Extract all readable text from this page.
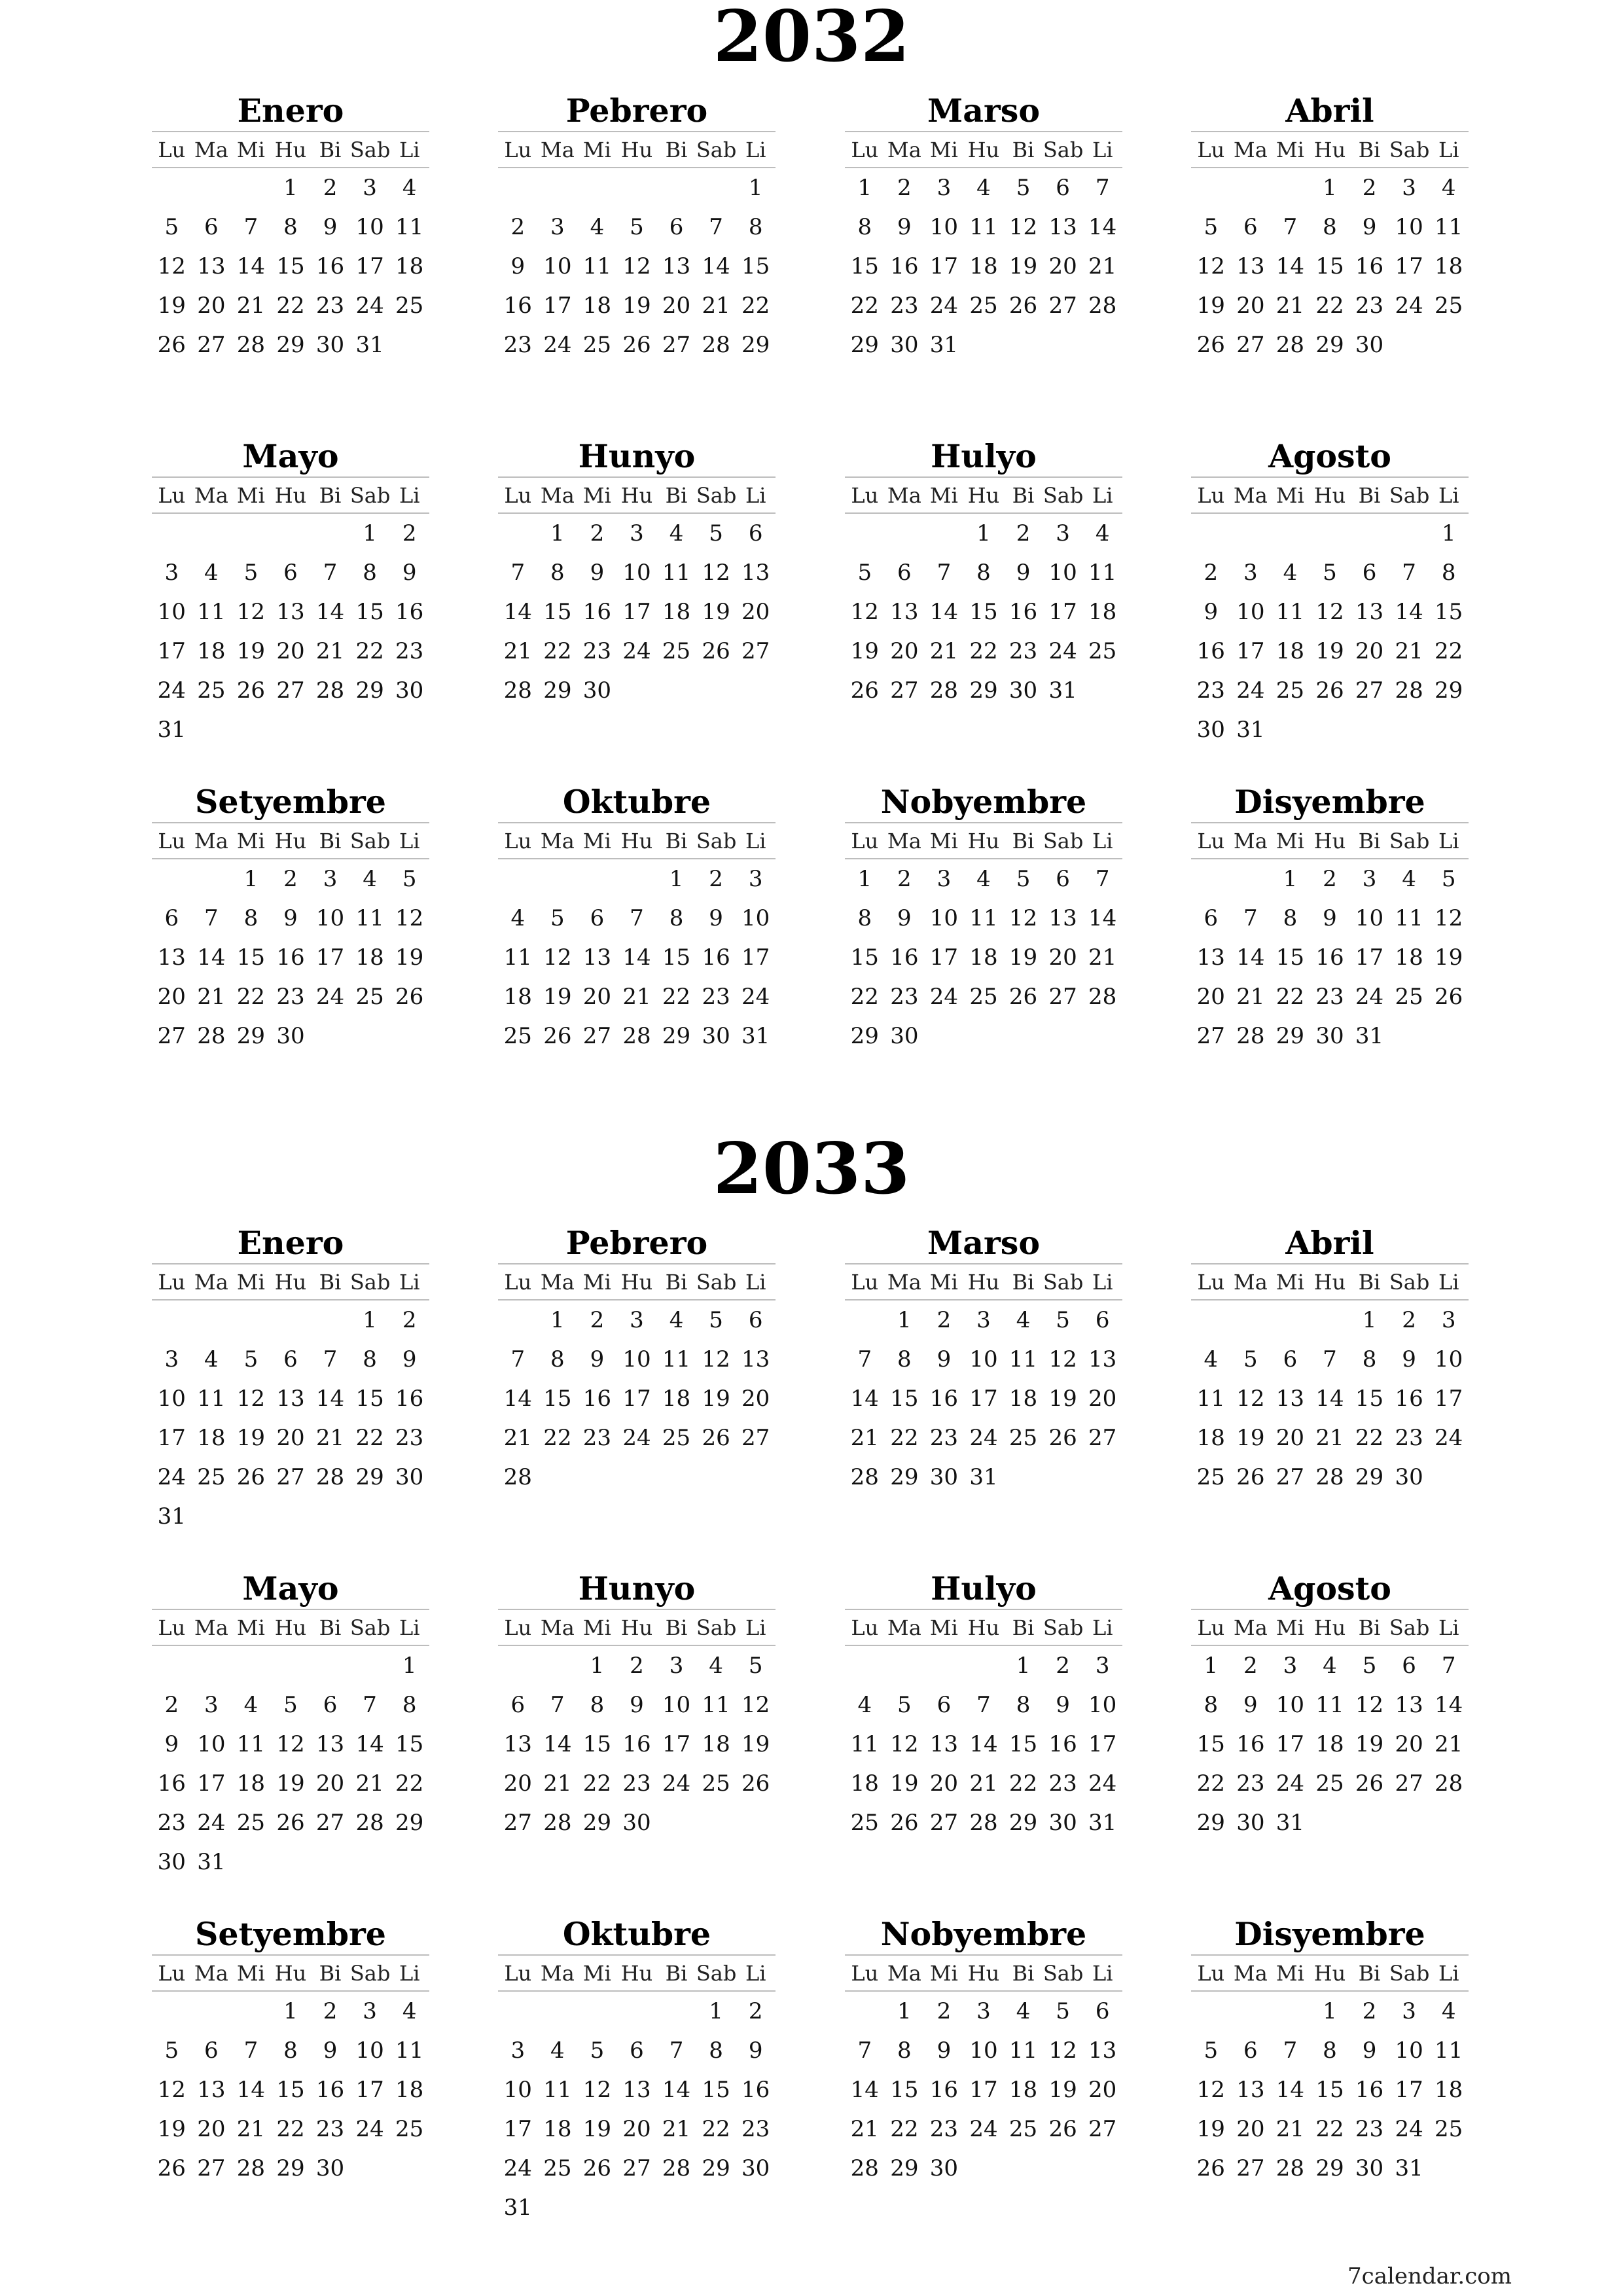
2032
Enero
Lu	Ma	Mi	Hu	Bi	Sab	Li
			1	2	3	4
5	6	7	8	9	10	11
12	13	14	15	16	17	18
19	20	21	22	23	24	25
26	27	28	29	30	31	
Pebrero
Lu	Ma	Mi	Hu	Bi	Sab	Li
						1
2	3	4	5	6	7	8
9	10	11	12	13	14	15
16	17	18	19	20	21	22
23	24	25	26	27	28	29
Marso
Lu	Ma	Mi	Hu	Bi	Sab	Li
1	2	3	4	5	6	7
8	9	10	11	12	13	14
15	16	17	18	19	20	21
22	23	24	25	26	27	28
29	30	31				
Abril
Lu	Ma	Mi	Hu	Bi	Sab	Li
			1	2	3	4
5	6	7	8	9	10	11
12	13	14	15	16	17	18
19	20	21	22	23	24	25
26	27	28	29	30		
Mayo
Lu	Ma	Mi	Hu	Bi	Sab	Li
					1	2
3	4	5	6	7	8	9
10	11	12	13	14	15	16
17	18	19	20	21	22	23
24	25	26	27	28	29	30
31						
Hunyo
Lu	Ma	Mi	Hu	Bi	Sab	Li
	1	2	3	4	5	6
7	8	9	10	11	12	13
14	15	16	17	18	19	20
21	22	23	24	25	26	27
28	29	30				
Hulyo
Lu	Ma	Mi	Hu	Bi	Sab	Li
			1	2	3	4
5	6	7	8	9	10	11
12	13	14	15	16	17	18
19	20	21	22	23	24	25
26	27	28	29	30	31	
Agosto
Lu	Ma	Mi	Hu	Bi	Sab	Li
						1
2	3	4	5	6	7	8
9	10	11	12	13	14	15
16	17	18	19	20	21	22
23	24	25	26	27	28	29
30	31					
Setyembre
Lu	Ma	Mi	Hu	Bi	Sab	Li
		1	2	3	4	5
6	7	8	9	10	11	12
13	14	15	16	17	18	19
20	21	22	23	24	25	26
27	28	29	30			
Oktubre
Lu	Ma	Mi	Hu	Bi	Sab	Li
				1	2	3
4	5	6	7	8	9	10
11	12	13	14	15	16	17
18	19	20	21	22	23	24
25	26	27	28	29	30	31
Nobyembre
Lu	Ma	Mi	Hu	Bi	Sab	Li
1	2	3	4	5	6	7
8	9	10	11	12	13	14
15	16	17	18	19	20	21
22	23	24	25	26	27	28
29	30					
Disyembre
Lu	Ma	Mi	Hu	Bi	Sab	Li
		1	2	3	4	5
6	7	8	9	10	11	12
13	14	15	16	17	18	19
20	21	22	23	24	25	26
27	28	29	30	31		
2033
Enero
Lu	Ma	Mi	Hu	Bi	Sab	Li
					1	2
3	4	5	6	7	8	9
10	11	12	13	14	15	16
17	18	19	20	21	22	23
24	25	26	27	28	29	30
31						
Pebrero
Lu	Ma	Mi	Hu	Bi	Sab	Li
	1	2	3	4	5	6
7	8	9	10	11	12	13
14	15	16	17	18	19	20
21	22	23	24	25	26	27
28						
Marso
Lu	Ma	Mi	Hu	Bi	Sab	Li
	1	2	3	4	5	6
7	8	9	10	11	12	13
14	15	16	17	18	19	20
21	22	23	24	25	26	27
28	29	30	31			
Abril
Lu	Ma	Mi	Hu	Bi	Sab	Li
				1	2	3
4	5	6	7	8	9	10
11	12	13	14	15	16	17
18	19	20	21	22	23	24
25	26	27	28	29	30	
Mayo
Lu	Ma	Mi	Hu	Bi	Sab	Li
						1
2	3	4	5	6	7	8
9	10	11	12	13	14	15
16	17	18	19	20	21	22
23	24	25	26	27	28	29
30	31					
Hunyo
Lu	Ma	Mi	Hu	Bi	Sab	Li
		1	2	3	4	5
6	7	8	9	10	11	12
13	14	15	16	17	18	19
20	21	22	23	24	25	26
27	28	29	30			
Hulyo
Lu	Ma	Mi	Hu	Bi	Sab	Li
				1	2	3
4	5	6	7	8	9	10
11	12	13	14	15	16	17
18	19	20	21	22	23	24
25	26	27	28	29	30	31
Agosto
Lu	Ma	Mi	Hu	Bi	Sab	Li
1	2	3	4	5	6	7
8	9	10	11	12	13	14
15	16	17	18	19	20	21
22	23	24	25	26	27	28
29	30	31				
Setyembre
Lu	Ma	Mi	Hu	Bi	Sab	Li
			1	2	3	4
5	6	7	8	9	10	11
12	13	14	15	16	17	18
19	20	21	22	23	24	25
26	27	28	29	30		
Oktubre
Lu	Ma	Mi	Hu	Bi	Sab	Li
					1	2
3	4	5	6	7	8	9
10	11	12	13	14	15	16
17	18	19	20	21	22	23
24	25	26	27	28	29	30
31						
Nobyembre
Lu	Ma	Mi	Hu	Bi	Sab	Li
	1	2	3	4	5	6
7	8	9	10	11	12	13
14	15	16	17	18	19	20
21	22	23	24	25	26	27
28	29	30				
Disyembre
Lu	Ma	Mi	Hu	Bi	Sab	Li
			1	2	3	4
5	6	7	8	9	10	11
12	13	14	15	16	17	18
19	20	21	22	23	24	25
26	27	28	29	30	31	
7calendar.com
